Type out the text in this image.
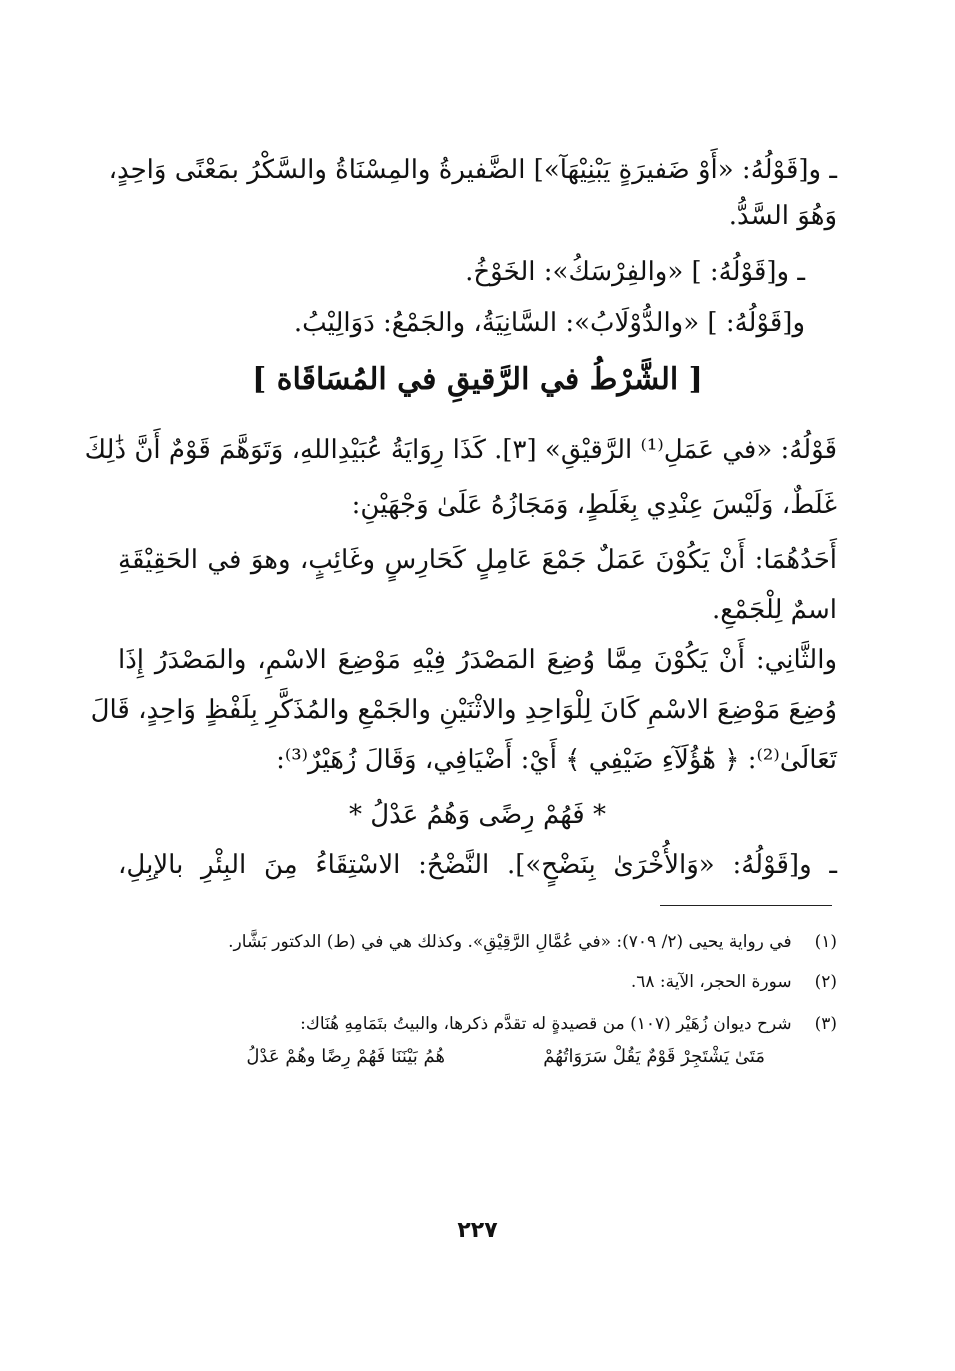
ـ و[قَوْلُهُ: «أَوْ ضَفيرَةٍ يَبْنِيْهَآ»] الضَّفيرةُ والمِسْنَاةُ والسَّكْرُ بمَعْنًى وَاحِدٍ،
وَهُوَ السَّدُّ.
ـ و[قَوْلُهُ: ] «والفِرْسَكُ»: الخَوْخُ.
و[قَوْلُهُ: ] «والدُّوْلَابُ»: السَّانِيَةُ، والجَمْعُ: دَوَالِيْبُ.
[ الشَّرْطُ في الرَّقيقِ في المُسَاقَاة ]
قَوْلُهُ: «في عَمَلِ⁽¹⁾ الرَّقيْقِ» [٣]. كَذَا رِوَايَةُ عُبَيْدِاللهِ، وَتَوَهَّمَ قَوْمٌ أَنَّ ذَٰلِكَ
غَلَطٌ، وَلَيْسَ عِنْدِي بِغَلَطٍ، وَمَجَازُهُ عَلَىٰ وَجْهَيْنِ:
أَحَدُهُمَا: أَنْ يَكُوْنَ عَمَلٌ جَمْعَ عَامِلٍ كَحَارِسٍ وغَائِبٍ، وهوَ في الحَقِيْقَةِ
اسمٌ لِلْجَمْعِ.
والثَّانِي: أَنْ يَكُوْنَ مِمَّا وُضِعَ المَصْدَرُ فِيْهِ مَوْضِعَ الاسْمِ، والمَصْدَرُ إِذَا
وُضِعَ مَوْضِعَ الاسْمِ كَانَ لِلْوَاحِدِ والاثْنَيْنِ والجَمْعِ والمُذَكَّرِ بِلَفْظٍ وَاحِدٍ، قَالَ
تَعَالَىٰ⁽²⁾: ﴿ هَٰٓؤُلَآءِ ضَيْفِي ﴾ أَيْ: أَضْيَافِي، وَقَالَ زُهَيْرٌ⁽³⁾:
* فَهُمْ رِضًى وَهُمُ عَدْلُ *
ـ و[قَوْلُهُ: «وَالأُخْرَىٰ بِنَضْحٍ»]. النَّضْحُ: الاسْتِقَاءُ مِنَ البِئْرِ بالإبِلِ،
(١) في رواية يحيى (٢/ ٧٠٩): «في عُمَّالِ الرَّقِيْقِ». وكذلك هي في (ط) الدكتور بَشَّار.
(٢) سورة الحجر، الآية: ٦٨.
(٣) شرح ديوان زُهَيْر (١٠٧) من قصيدةٍ له تقدَّم ذكرها، والبيتُ بتَمَامِهِ هُنَاك:
مَتَىٰ يَشْتَجِرْ قَوْمٌ يَقُلْ سَرَوَاتُهُمْ
هُمُ بَيْنَنَا فَهُمْ رِضًا وهُمْ عَدْلُ
٢٢٧
